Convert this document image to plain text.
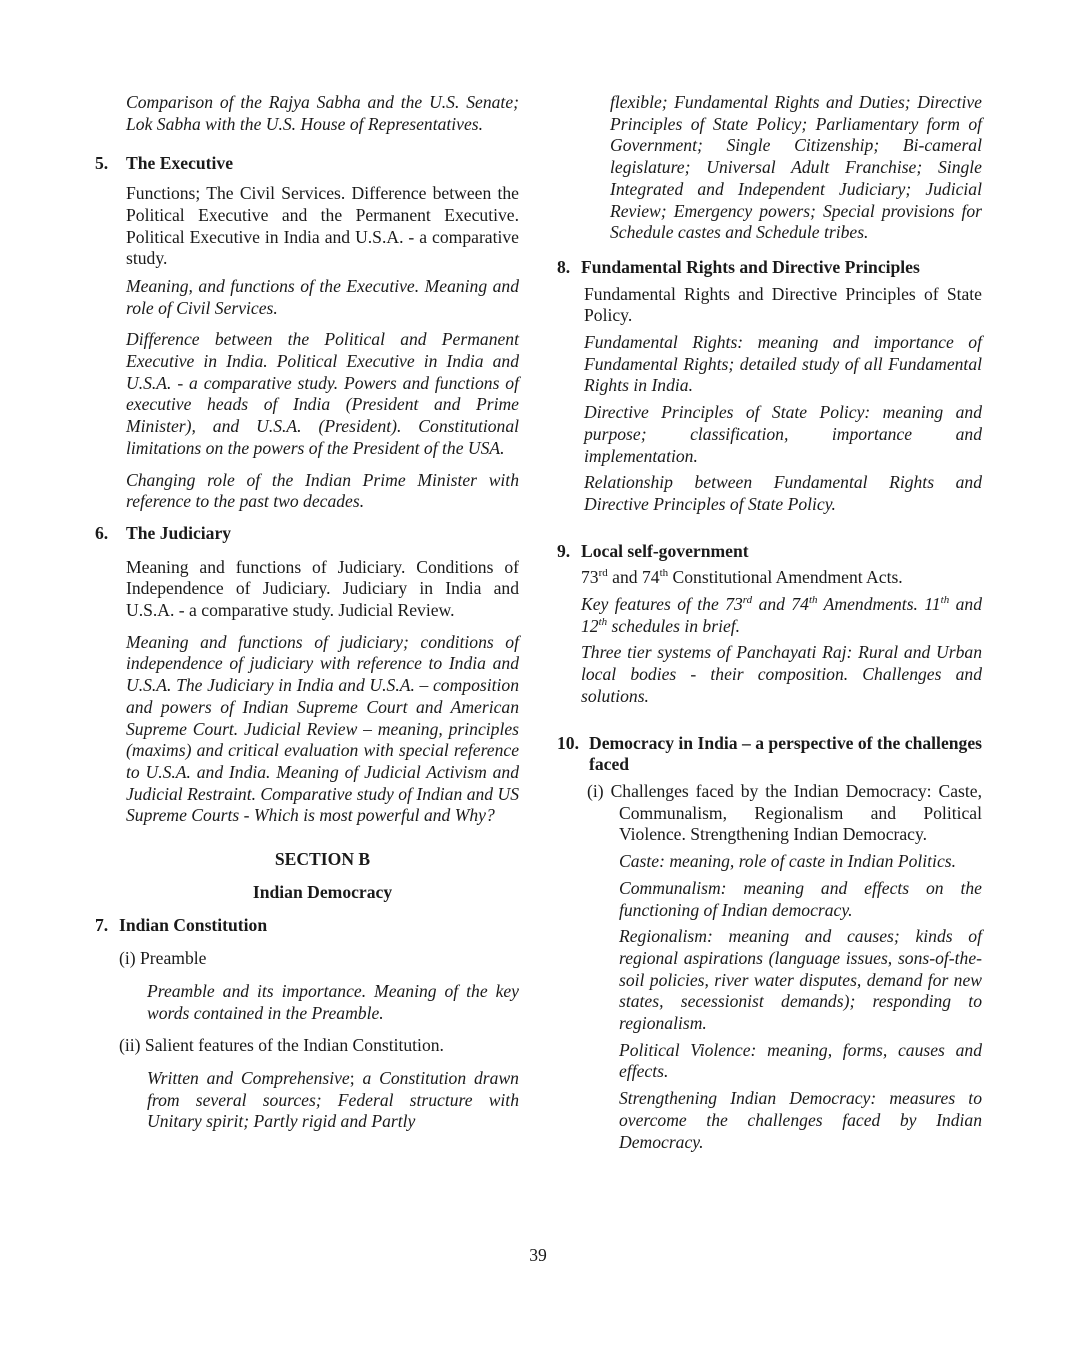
Comparison of the Rajya Sabha and the U.S. Senate; Lok Sabha with the U.S. House of Representatives.

5.	The Executive

Functions; The Civil Services. Difference between the Political Executive and the Permanent Executive. Political Executive in India and U.S.A. - a comparative study.

Meaning, and functions of the Executive. Meaning and role of Civil Services.

Difference between the Political and Permanent Executive in India. Political Executive in India and U.S.A. - a comparative study. Powers and functions of executive heads of India (President and Prime Minister), and U.S.A. (President). Constitutional limitations on the powers of the President of the USA.

Changing role of the Indian Prime Minister with reference to the past two decades.

6.	The Judiciary

Meaning and functions of Judiciary. Conditions of Independence of Judiciary. Judiciary in India and U.S.A. - a comparative study. Judicial Review.

Meaning and functions of judiciary; conditions of independence of judiciary with reference to India and U.S.A. The Judiciary in India and U.S.A. – composition and powers of Indian Supreme Court and American Supreme Court. Judicial Review – meaning, principles (maxims) and critical evaluation with special reference to U.S.A. and India. Meaning of Judicial Activism and Judicial Restraint. Comparative study of Indian and US Supreme Courts - Which is most powerful and Why?

SECTION B

Indian Democracy

7. Indian Constitution
(i) Preamble

Preamble and its importance. Meaning of the key words contained in the Preamble.

(ii) Salient features of the Indian Constitution.

Written and Comprehensive; a Constitution drawn from several sources; Federal structure with Unitary spirit; Partly rigid and Partly

flexible; Fundamental Rights and Duties; Directive Principles of State Policy; Parliamentary form of Government; Single Citizenship; Bi-cameral legislature; Universal Adult Franchise; Single Integrated and Independent Judiciary; Judicial Review; Emergency powers; Special provisions for Schedule castes and Schedule tribes.

8. Fundamental Rights and Directive Principles

Fundamental Rights and Directive Principles of State Policy.

Fundamental Rights: meaning and importance of Fundamental Rights; detailed study of all Fundamental Rights in India.

Directive Principles of State Policy: meaning and purpose; classification, importance and implementation.

Relationship between Fundamental Rights and Directive Principles of State Policy.

9. Local self-government

73rd and 74th Constitutional Amendment Acts.

Key features of the 73rd and 74th Amendments. 11th and 12th schedules in brief.

Three tier systems of Panchayati Raj: Rural and Urban local bodies - their composition. Challenges and solutions.

10. Democracy in India – a perspective of the challenges faced

(i) Challenges faced by the Indian Democracy: Caste, Communalism, Regionalism and Political Violence. Strengthening Indian Democracy.

Caste: meaning, role of caste in Indian Politics.

Communalism: meaning and effects on the functioning of Indian democracy.

Regionalism: meaning and causes; kinds of regional aspirations (language issues, sons-of-the-soil policies, river water disputes, demand for new states, secessionist demands); responding to regionalism.

Political Violence: meaning, forms, causes and effects.

Strengthening Indian Democracy: measures to overcome the challenges faced by Indian Democracy.

39
